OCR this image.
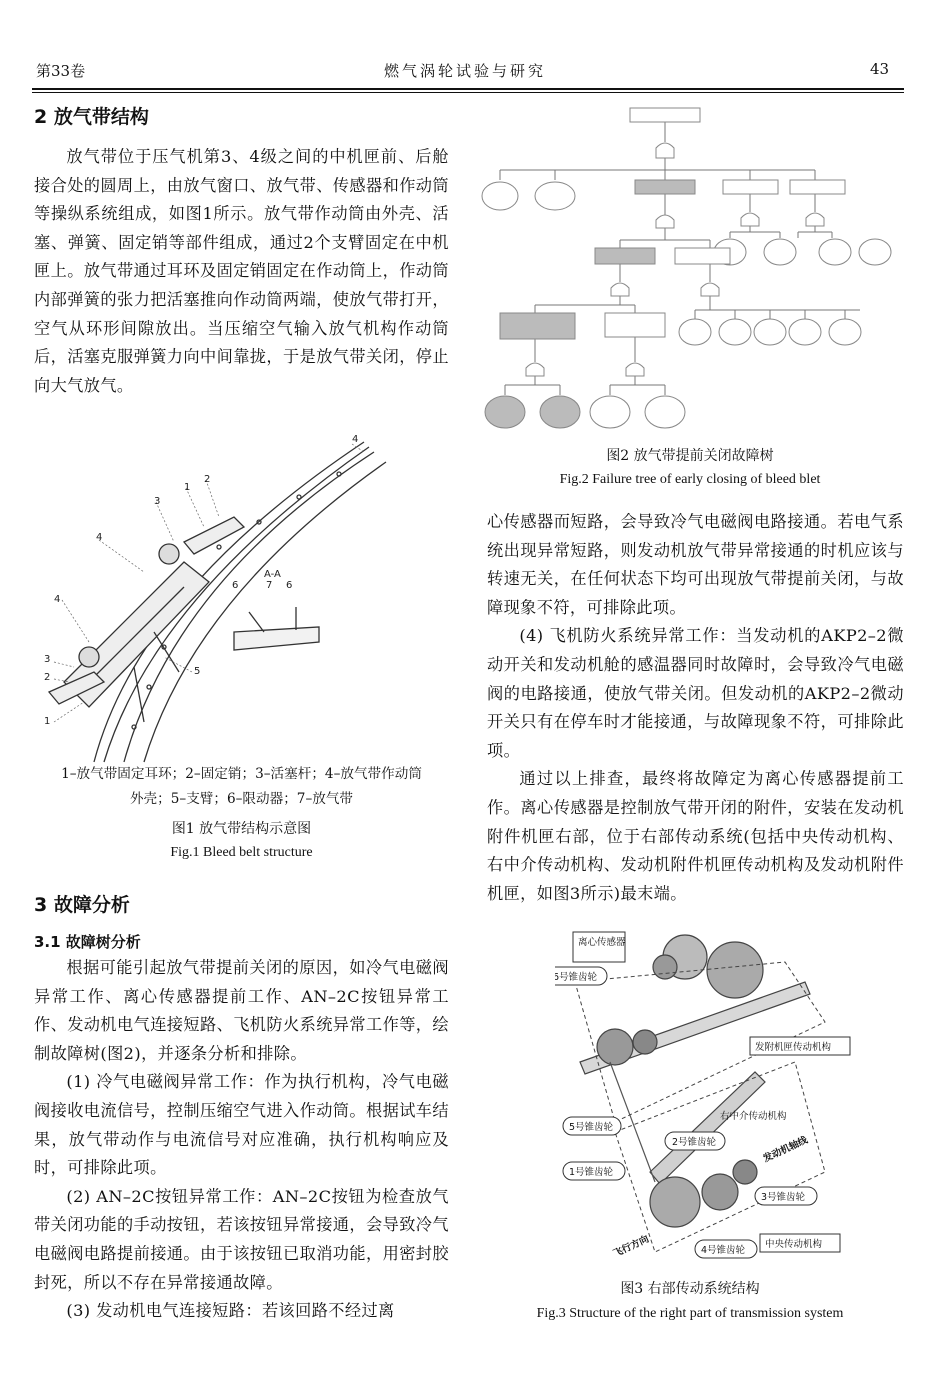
第33卷	燃气涡轮试验与研究	43
2 放气带结构

放气带位于压气机第3、4级之间的中机匣前、后舱接合处的圆周上，由放气窗口、放气带、传感器和作动筒等操纵系统组成，如图1所示。放气带作动筒由外壳、活塞、弹簧、固定销等部件组成，通过2个支臂固定在中机匣上。放气带通过耳环及固定销固定在作动筒上，作动筒内部弹簧的张力把活塞推向作动筒两端，使放气带打开，空气从环形间隙放出。当压缩空气输入放气机构作动筒后，活塞克服弹簧力向中间靠拢，于是放气带关闭，停止向大气放气。

1
2
3
4
4
3
2
1
4
5
6	7 6
A-A
1–放气带固定耳环；2–固定销；3–活塞杆；4–放气带作动筒
外壳；5–支臂；6–限动器；7–放气带
图1 放气带结构示意图
Fig.1 Bleed belt structure
3 故障分析
3.1 故障树分析

根据可能引起放气带提前关闭的原因，如冷气电磁阀异常工作、离心传感器提前工作、AN–2C按钮异常工作、发动机电气连接短路、飞机防火系统异常工作等，绘制故障树(图2)，并逐条分析和排除。

(1) 冷气电磁阀异常工作：作为执行机构，冷气电磁阀接收电流信号，控制压缩空气进入作动筒。根据试车结果，放气带动作与电流信号对应准确，执行机构响应及时，可排除此项。

(2) AN–2C按钮异常工作：AN–2C按钮为检查放气带关闭功能的手动按钮，若该按钮异常接通，会导致冷气电磁阀电路提前接通。由于该按钮已取消功能，用密封胶封死，所以不存在异常接通故障。

(3) 发动机电气连接短路：若该回路不经过离

图2 放气带提前关闭故障树
Fig.2 Failure tree of early closing of bleed blet

心传感器而短路，会导致冷气电磁阀电路接通。若电气系统出现异常短路，则发动机放气带异常接通的时机应该与转速无关，在任何状态下均可出现放气带提前关闭，与故障现象不符，可排除此项。

(4) 飞机防火系统异常工作：当发动机的AKP2–2微动开关和发动机舱的感温器同时故障时，会导致冷气电磁阀的电路接通，使放气带关闭。但发动机的AKP2–2微动开关只有在停车时才能接通，与故障现象不符，可排除此项。

通过以上排查，最终将故障定为离心传感器提前工作。离心传感器是控制放气带开闭的附件，安装在发动机附件机匣右部，位于右部传动系统(包括中央传动机构、右中介传动机构、发动机附件机匣传动机构及发动机附件机匣，如图3所示)最末端。

离心传感器
6号锥齿轮
发附机匣传动机构
右中介传动机构
5号锥齿轮
2号锥齿轮	发动机轴线
1号锥齿轮
3号锥齿轮
飞行方向	4号锥齿轮
中央传动机构
图3 右部传动系统结构
Fig.3 Structure of the right part of transmission system
